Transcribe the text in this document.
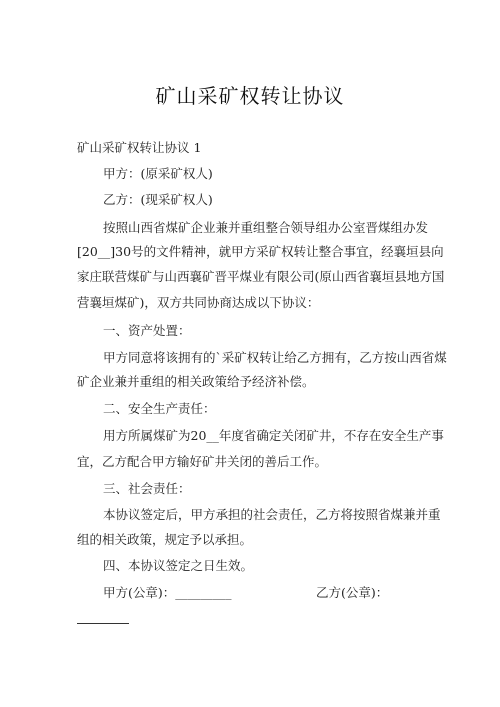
矿山采矿权转让协议
矿山采矿权转让协议 1
甲方：(原采矿权人)
乙方：(现采矿权人)
按照山西省煤矿企业兼并重组整合领导组办公室晋煤组办发
[20__]30号的文件精神，就甲方采矿权转让整合事宜，经襄垣县向
家庄联营煤矿与山西襄矿晋平煤业有限公司(原山西省襄垣县地方国
营襄垣煤矿)，双方共同协商达成以下协议：
一、资产处置：
甲方同意将该拥有的`采矿权转让给乙方拥有，乙方按山西省煤
矿企业兼并重组的相关政策给予经济补偿。
二、安全生产责任：
用方所属煤矿为20__年度省确定关闭矿井，不存在安全生产事
宜，乙方配合甲方输好矿井关闭的善后工作。
三、社会责任：
本协议签定后，甲方承担的社会责任，乙方将按照省煤兼并重
组的相关政策，规定予以承担。
四、本协议签定之日生效。
甲方(公章)：_________	乙方(公章)：
